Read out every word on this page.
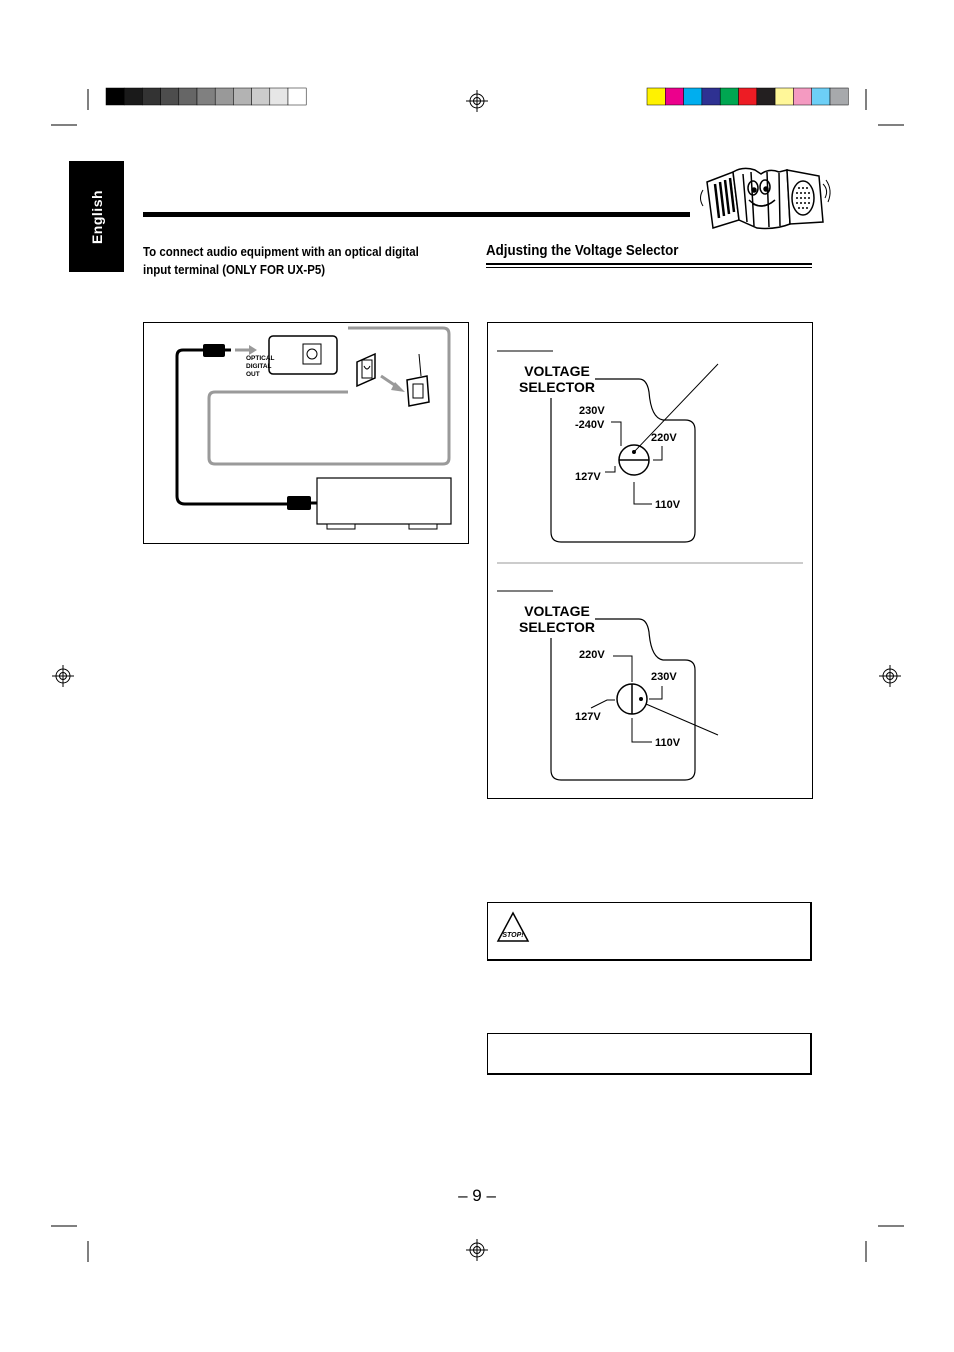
English
To connect audio equipment with an optical digital input terminal (ONLY FOR UX-P5)
Adjusting the Voltage Selector
OPTICAL
DIGITAL
OUT	VOLTAGE
SELECTOR
230V
-240V
220V
127V
110V
VOLTAGE
SELECTOR
220V
230V
127V
110V
STOP!
– 9 –
